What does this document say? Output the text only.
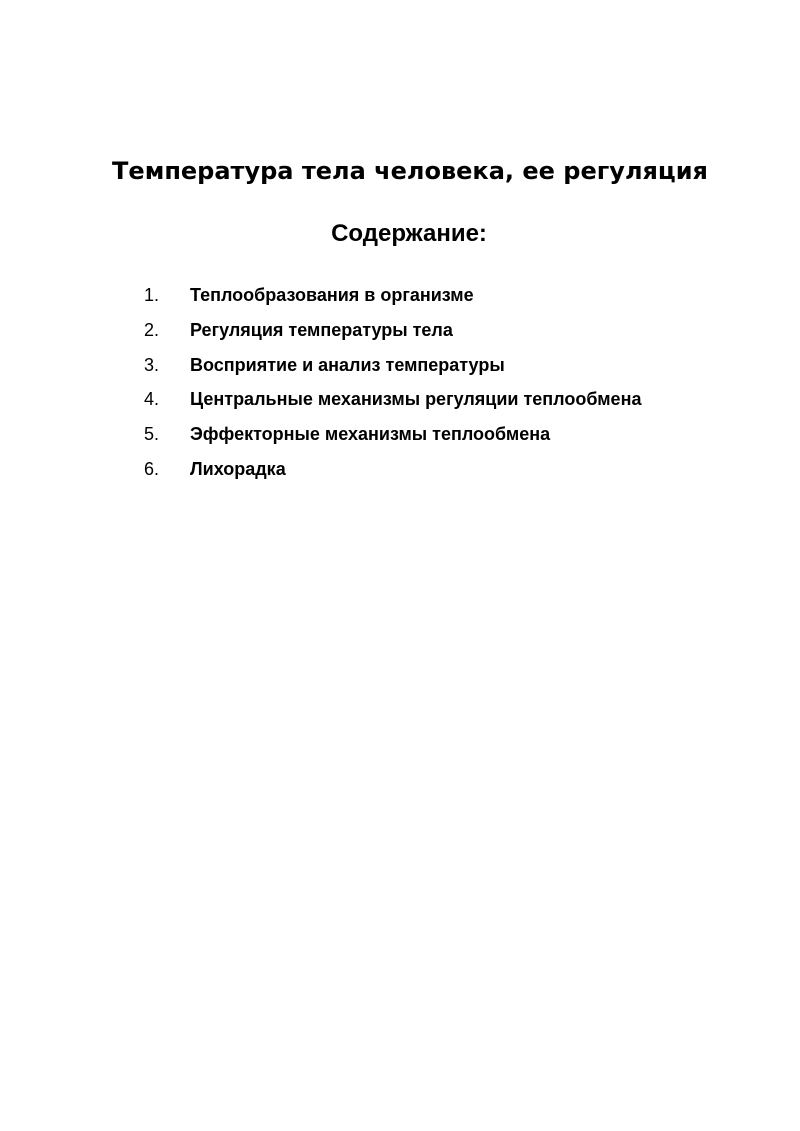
Температура тела человека, ее регуляция
Содержание:
1. Теплообразования в организме
2. Регуляция температуры тела
3. Восприятие и анализ температуры
4. Центральные механизмы регуляции теплообмена
5. Эффекторные механизмы теплообмена
6. Лихорадка
